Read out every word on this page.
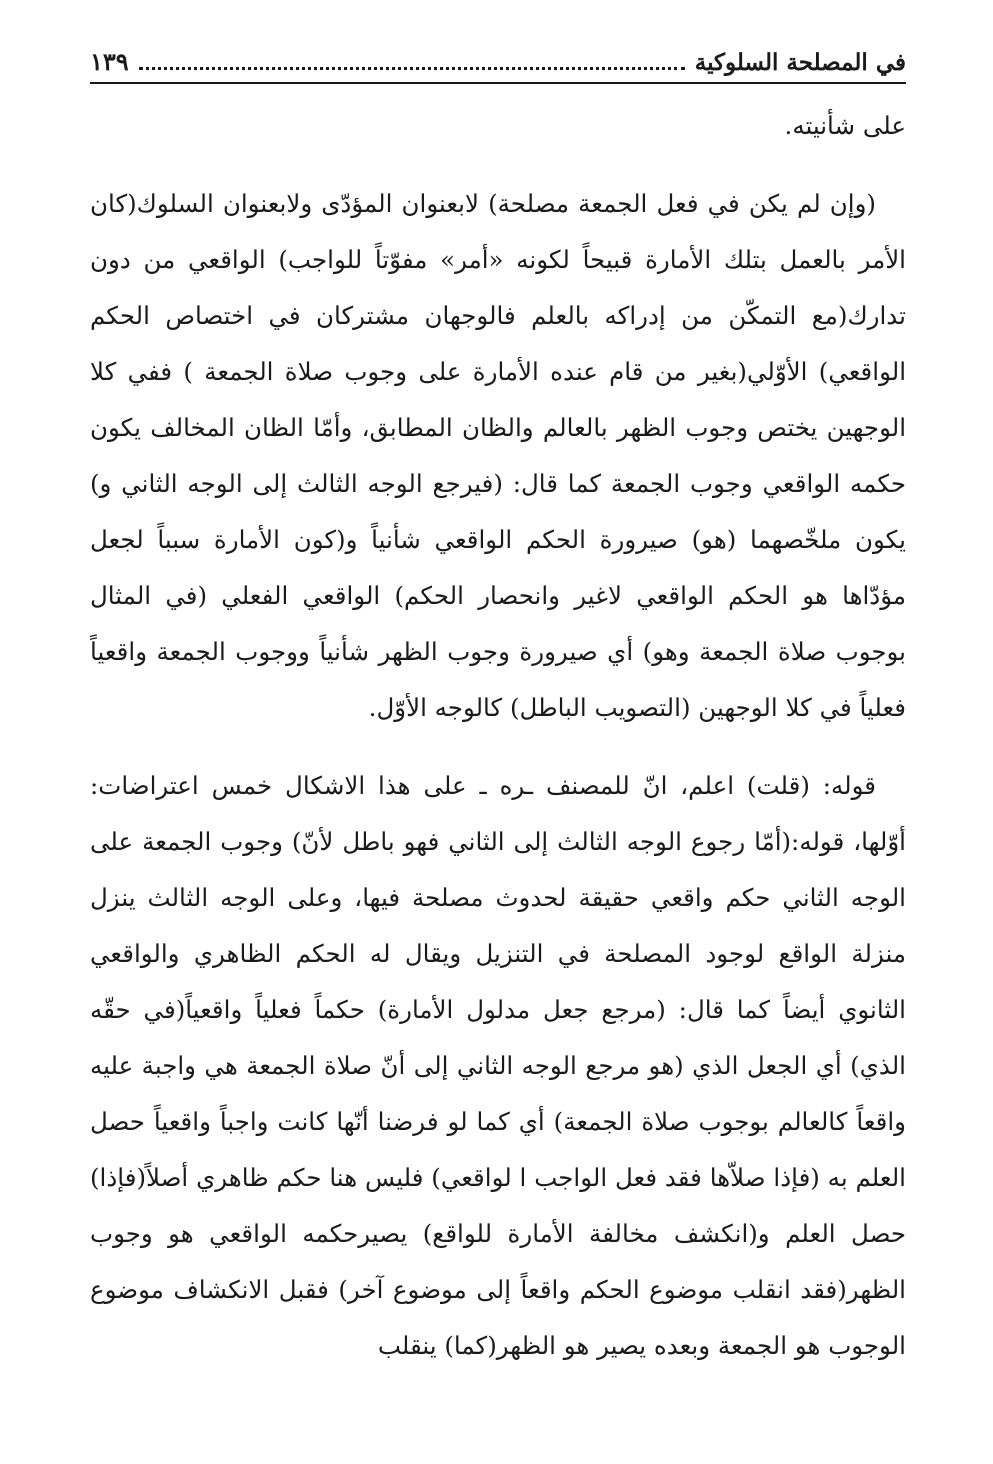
في المصلحة السلوكية
١٣٩

على شأنيته.

(وإن لم يكن في فعل الجمعة مصلحة) لابعنوان المؤدّى ولابعنوان السلوك(كان الأمر بالعمل بتلك الأمارة قبيحاً لكونه «أمر» مفوّتاً للواجب) الواقعي من دون تدارك(مع التمكّن من إدراكه بالعلم فالوجهان مشتركان في اختصاص الحكم الواقعي) الأوّلي(بغير من قام عنده الأمارة على وجوب صلاة الجمعة ) ففي كلا الوجهين يختص وجوب الظهر بالعالم والظان المطابق، وأمّا الظان المخالف يكون حكمه الواقعي وجوب الجمعة كما قال: (فيرجع الوجه الثالث إلى الوجه الثاني و) يكون ملخّصهما (هو) صيرورة الحكم الواقعي شأنياً و(كون الأمارة سبباً لجعل مؤدّاها هو الحكم الواقعي لاغير وانحصار الحكم) الواقعي الفعلي (في المثال بوجوب صلاة الجمعة وهو) أي صيرورة وجوب الظهر شأنياً ووجوب الجمعة واقعياً فعلياً في كلا الوجهين (التصويب الباطل) كالوجه الأوّل.

قوله: (قلت) اعلم، انّ للمصنف ـره ـ على هذا الاشكال خمس اعتراضات: أوّلها، قوله:(أمّا رجوع الوجه الثالث إلى الثاني فهو باطل لأنّ) وجوب الجمعة على الوجه الثاني حكم واقعي حقيقة لحدوث مصلحة فيها، وعلى الوجه الثالث ينزل منزلة الواقع لوجود المصلحة في التنزيل ويقال له الحكم الظاهري والواقعي الثانوي أيضاً كما قال: (مرجع جعل مدلول الأمارة) حكماً فعلياً واقعياً(في حقّه الذي) أي الجعل الذي (هو مرجع الوجه الثاني إلى أنّ صلاة الجمعة هي واجبة عليه واقعاً كالعالم بوجوب صلاة الجمعة) أي كما لو فرضنا أنّها كانت واجباً واقعياً حصل العلم به (فإذا صلاّها فقد فعل الواجب ا لواقعي) فليس هنا حكم ظاهري أصلاً(فإذا) حصل العلم و(انكشف مخالفة الأمارة للواقع) يصيرحكمه الواقعي هو وجوب الظهر(فقد انقلب موضوع الحكم واقعاً إلى موضوع آخر) فقبل الانكشاف موضوع الوجوب هو الجمعة وبعده يصير هو الظهر(كما) ينقلب
